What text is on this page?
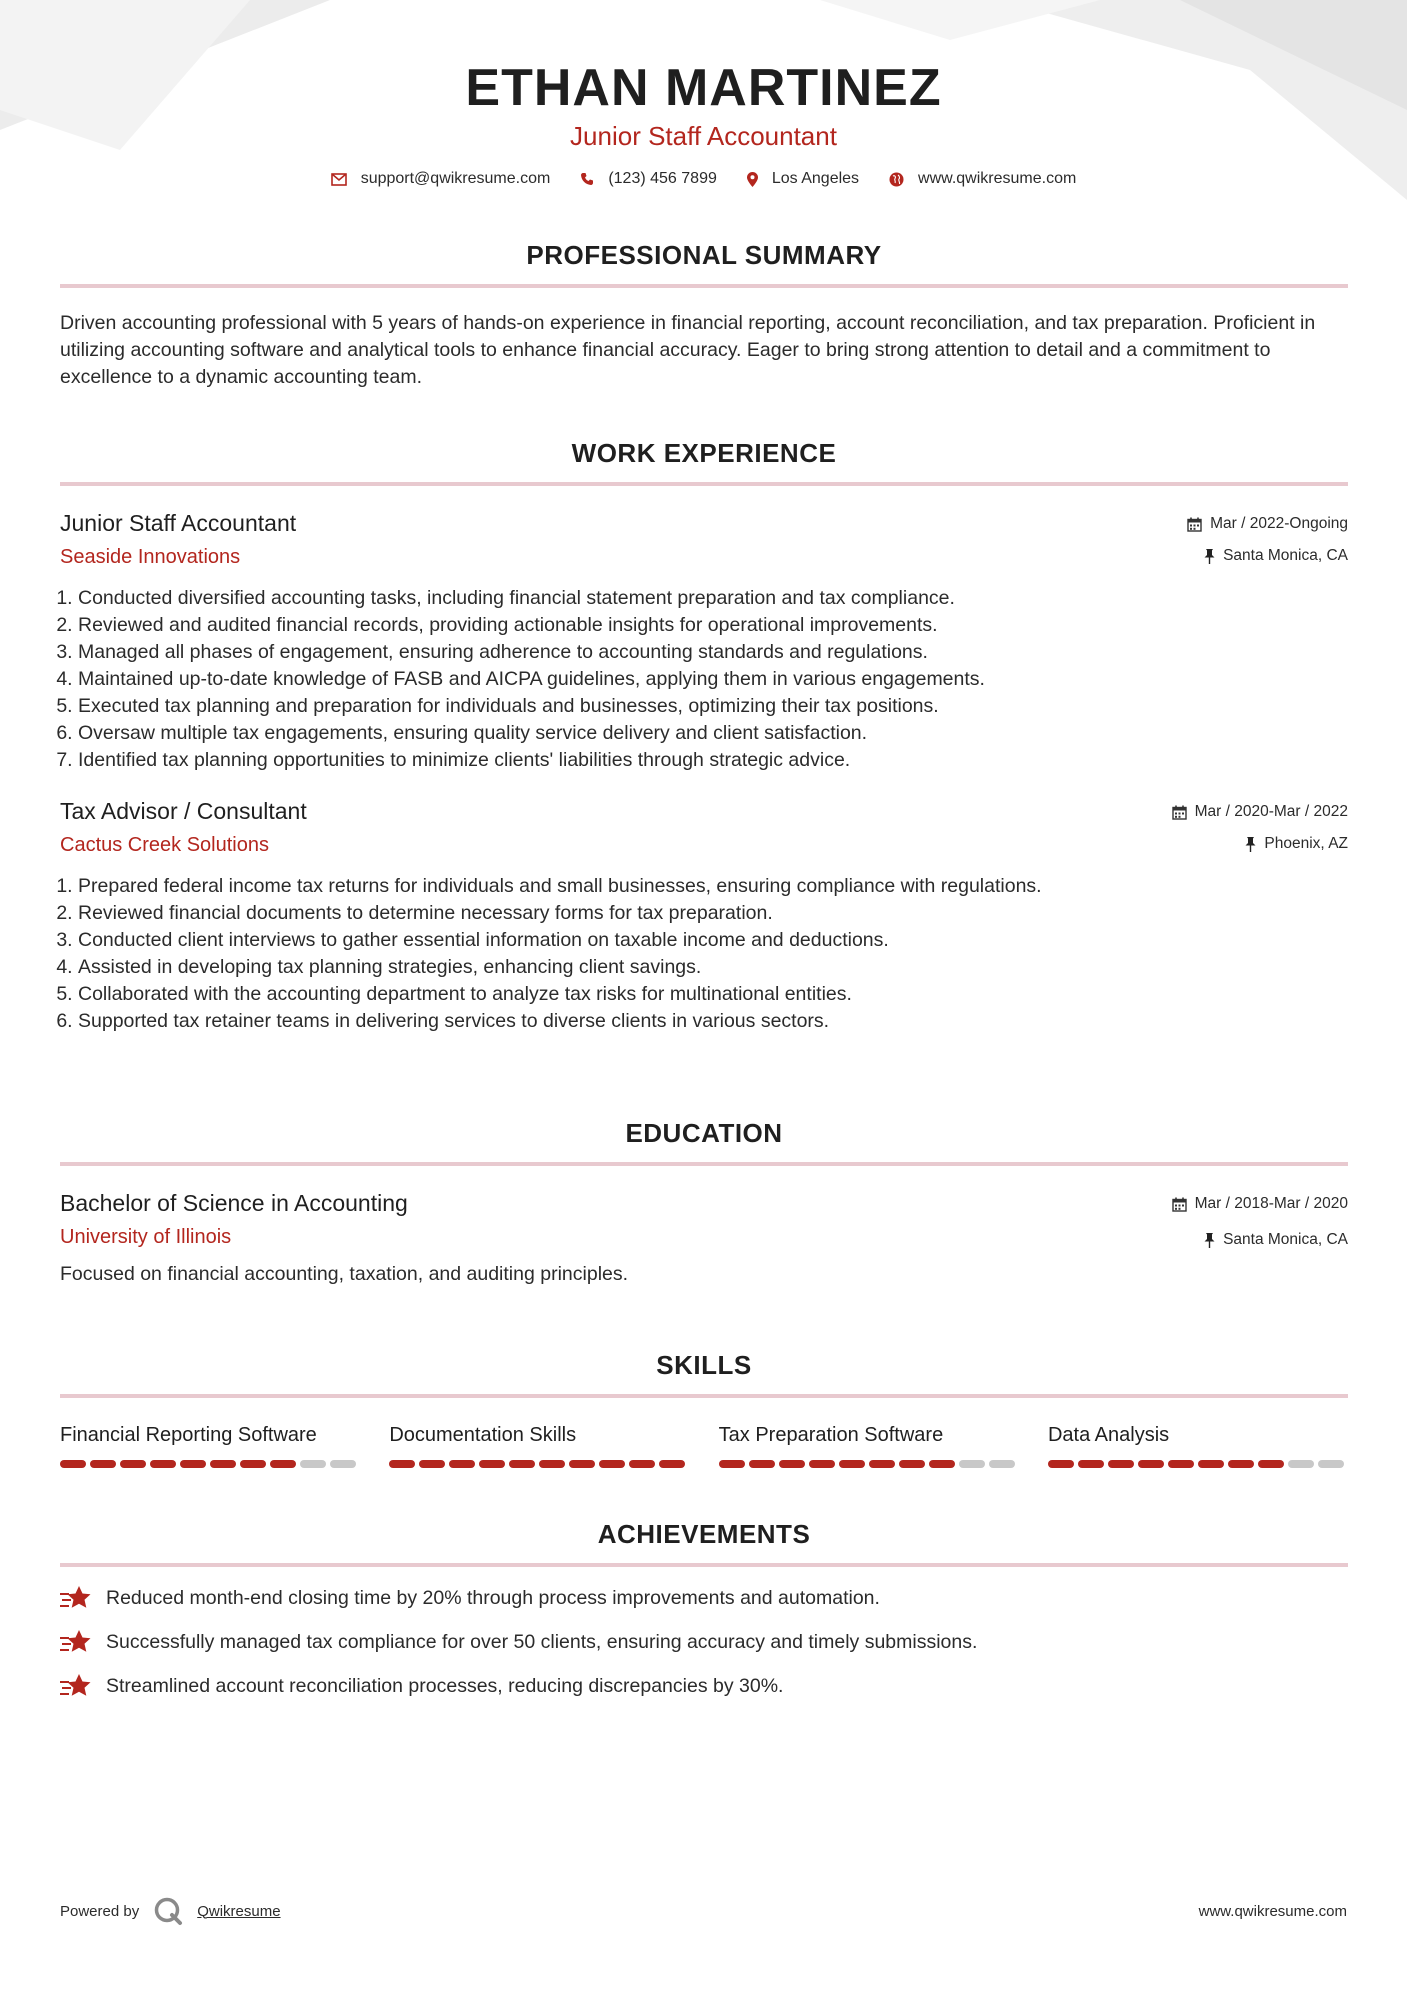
ETHAN MARTINEZ
Junior Staff Accountant
support@qwikresume.com	(123) 456 7899	Los Angeles	www.qwikresume.com
PROFESSIONAL SUMMARY
Driven accounting professional with 5 years of hands-on experience in financial reporting, account reconciliation, and tax preparation. Proficient in utilizing accounting software and analytical tools to enhance financial accuracy. Eager to bring strong attention to detail and a commitment to excellence to a dynamic accounting team.
WORK EXPERIENCE
Junior Staff Accountant
Seaside Innovations
Mar / 2022-Ongoing
Santa Monica, CA
1. Conducted diversified accounting tasks, including financial statement preparation and tax compliance.
2. Reviewed and audited financial records, providing actionable insights for operational improvements.
3. Managed all phases of engagement, ensuring adherence to accounting standards and regulations.
4. Maintained up-to-date knowledge of FASB and AICPA guidelines, applying them in various engagements.
5. Executed tax planning and preparation for individuals and businesses, optimizing their tax positions.
6. Oversaw multiple tax engagements, ensuring quality service delivery and client satisfaction.
7. Identified tax planning opportunities to minimize clients' liabilities through strategic advice.
Tax Advisor / Consultant
Cactus Creek Solutions
Mar / 2020-Mar / 2022
Phoenix, AZ
1. Prepared federal income tax returns for individuals and small businesses, ensuring compliance with regulations.
2. Reviewed financial documents to determine necessary forms for tax preparation.
3. Conducted client interviews to gather essential information on taxable income and deductions.
4. Assisted in developing tax planning strategies, enhancing client savings.
5. Collaborated with the accounting department to analyze tax risks for multinational entities.
6. Supported tax retainer teams in delivering services to diverse clients in various sectors.
EDUCATION
Bachelor of Science in Accounting
University of Illinois
Mar / 2018-Mar / 2020
Santa Monica, CA
Focused on financial accounting, taxation, and auditing principles.
SKILLS
Financial Reporting Software	Documentation Skills	Tax Preparation Software	Data Analysis
ACHIEVEMENTS
Reduced month-end closing time by 20% through process improvements and automation.
Successfully managed tax compliance for over 50 clients, ensuring accuracy and timely submissions.
Streamlined account reconciliation processes, reducing discrepancies by 30%.
Powered by	Qwikresume	www.qwikresume.com
